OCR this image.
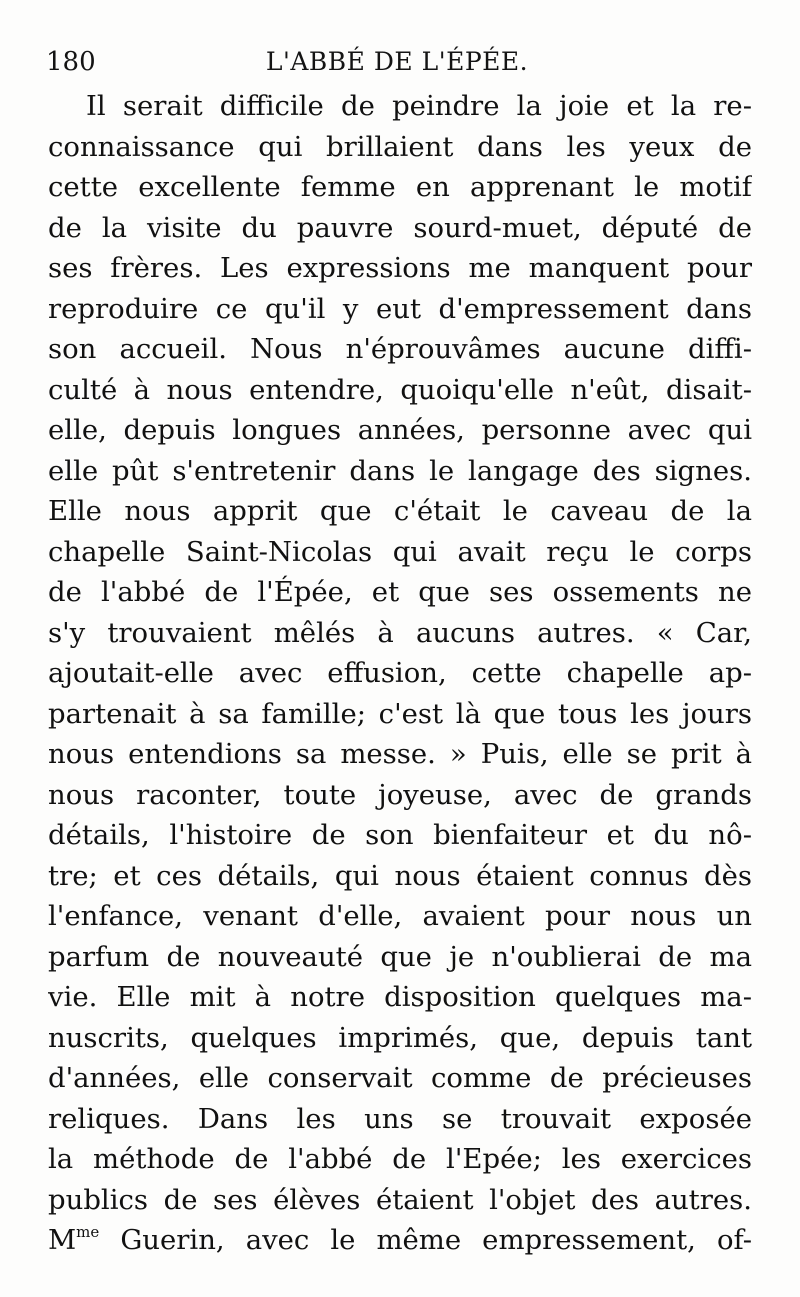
180	L'ABBÉ DE L'ÉPÉE.
Il serait difficile de peindre la joie et la re-
connaissance qui brillaient dans les yeux de
cette excellente femme en apprenant le motif
de la visite du pauvre sourd-muet, député de
ses frères. Les expressions me manquent pour
reproduire ce qu'il y eut d'empressement dans
son accueil. Nous n'éprouvâmes aucune diffi-
culté à nous entendre, quoiqu'elle n'eût, disait-
elle, depuis longues années, personne avec qui
elle pût s'entretenir dans le langage des signes.
Elle nous apprit que c'était le caveau de la
chapelle Saint-Nicolas qui avait reçu le corps
de l'abbé de l'Épée, et que ses ossements ne
s'y trouvaient mêlés à aucuns autres. « Car,
ajoutait-elle avec effusion, cette chapelle ap-
partenait à sa famille; c'est là que tous les jours
nous entendions sa messe. » Puis, elle se prit à
nous raconter, toute joyeuse, avec de grands
détails, l'histoire de son bienfaiteur et du nô-
tre; et ces détails, qui nous étaient connus dès
l'enfance, venant d'elle, avaient pour nous un
parfum de nouveauté que je n'oublierai de ma
vie. Elle mit à notre disposition quelques ma-
nuscrits, quelques imprimés, que, depuis tant
d'années, elle conservait comme de précieuses
reliques. Dans les uns se trouvait exposée
la méthode de l'abbé de l'Epée; les exercices
publics de ses élèves étaient l'objet des autres.
$M^{me}$ Guerin, avec le même empressement, of-
